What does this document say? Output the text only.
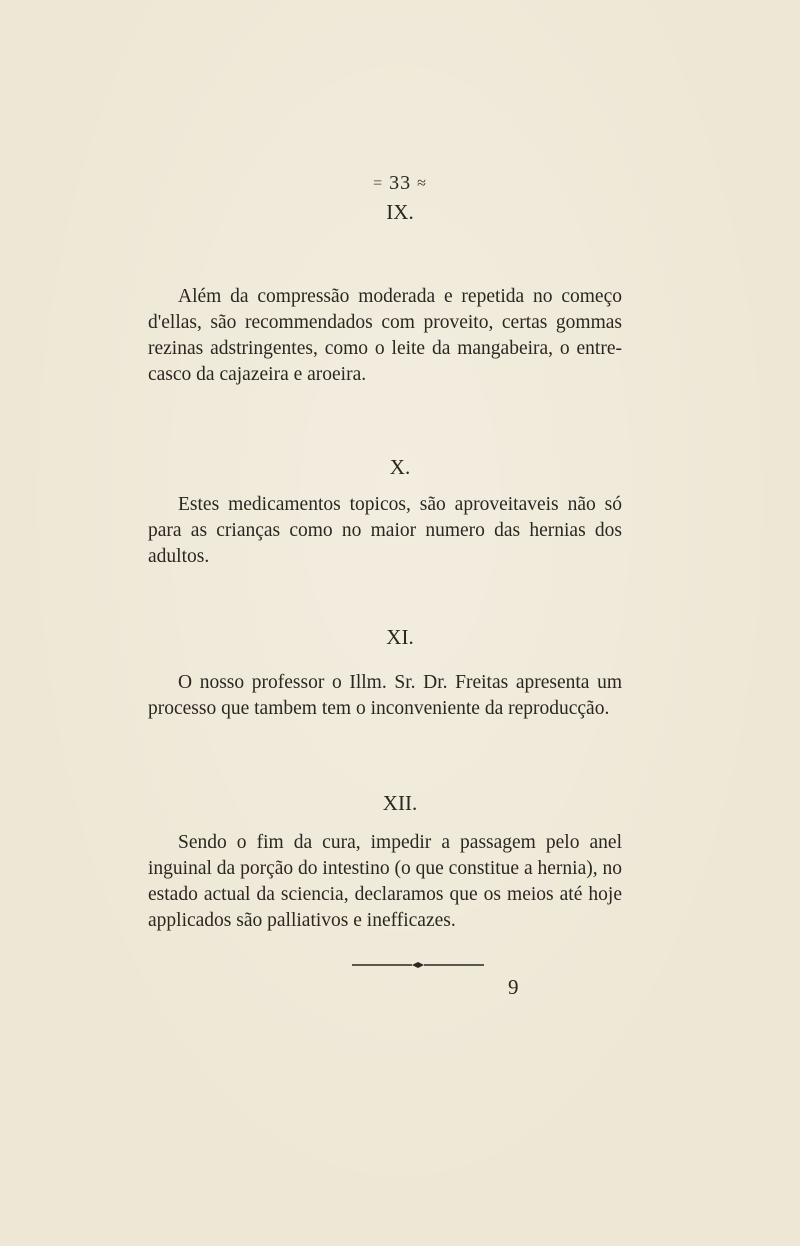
= 33 ≈
IX.
Além da compressão moderada e repetida no começo d'ellas, são recommendados com proveito, certas gommas rezinas adstringentes, como o leite da mangabeira, o entre-casco da cajazeira e aroeira.
X.
Estes medicamentos topicos, são aproveitaveis não só para as crianças como no maior numero das hernias dos adultos.
XI.
O nosso professor o Illm. Sr. Dr. Freitas apresenta um processo que tambem tem o inconveniente da reproducção.
XII.
Sendo o fim da cura, impedir a passagem pelo anel inguinal da porção do intestino (o que constitue a hernia), no estado actual da sciencia, declaramos que os meios até hoje applicados são palliativos e inefficazes.
9
